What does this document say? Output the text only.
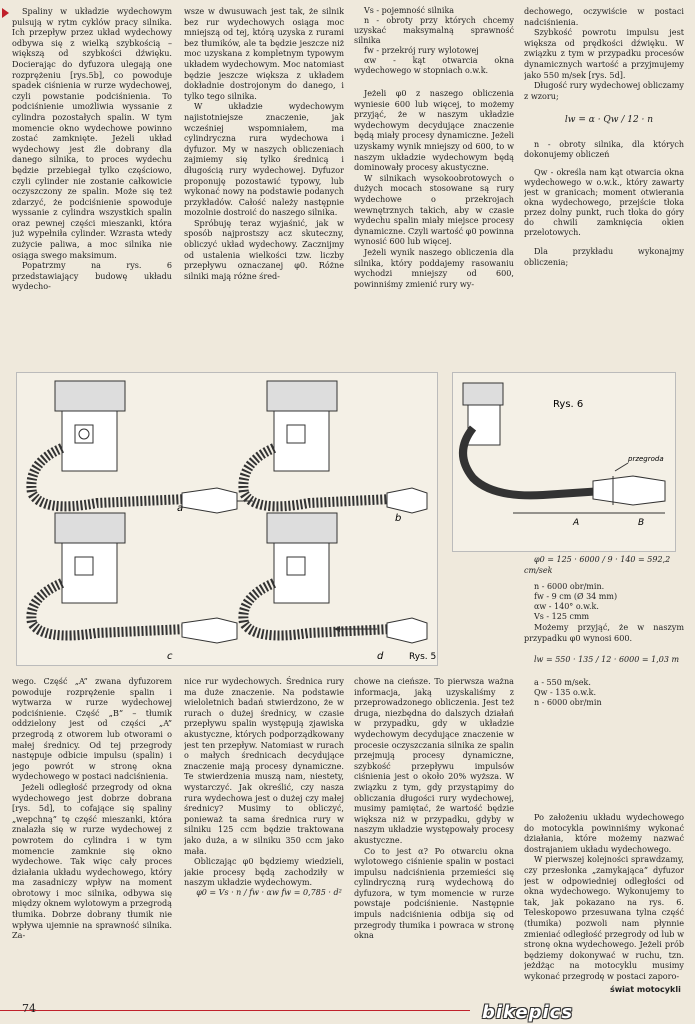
Spaliny w układzie wydechowym pulsują w rytm cyklów pracy silnika. Ich przepływ przez układ wydechowy odbywa się z wielką szybkością – większą od szybkości dźwięku. Docierając do dyfuzora ulegają one rozprężeniu [rys.5b], co powoduje spadek ciśnienia w rurze wydechowej, czyli powstanie podciśnienia. To podciśnienie umożliwia wyssanie z cylindra pozostałych spalin. W tym momencie okno wydechowe powinno zostać zamknięte. Jeżeli układ wydechowy jest źle dobrany dla danego silnika, to proces wydechu będzie przebiegał tylko częściowo, czyli cylinder nie zostanie całkowicie oczyszczony ze spalin. Może się też zdarzyć, że podciśnienie spowoduje wyssanie z cylindra wszystkich spalin oraz pewnej części mieszanki, która już wypełniła cylinder. Wzrasta wtedy zużycie paliwa, a moc silnika nie osiąga swego maksimum.

Popatrzmy na rys. 6 przedstawiający budowę układu wydecho-

wsze w dwusuwach jest tak, że silnik bez rur wydechowych osiąga moc mniejszą od tej, którą uzyska z rurami bez tłumików, ale ta będzie jeszcze niż moc uzyskana z kompletnym typowym układem wydechowym. Moc natomiast będzie jeszcze większa z układem dokładnie dostrojonym do danego, i tylko tego silnika.

W układzie wydechowym najistotniejsze znaczenie, jak wcześniej wspomniałem, ma cylindryczna rura wydechowa i dyfuzor. My w naszych obliczeniach zajmiemy się tylko średnicą i długością rury wydechowej. Dyfuzor proponuję pozostawić typowy, lub wykonać nowy na podstawie podanych przykładów. Całość należy następnie mozolnie dostroić do naszego silnika.

Spróbuję teraz wyjaśnić, jak w sposób najprostszy acz skuteczny, obliczyć układ wydechowy. Zacznijmy od ustalenia wielkości tzw. liczby przepływu oznaczanej φ0. Różne silniki mają różne śred-

Vs - pojemność silnika

n - obroty przy których chcemy uzyskać maksymalną sprawność silnika

fw - przekrój rury wylotowej

αw - kąt otwarcia okna wydechowego w stopniach o.w.k.

Jeżeli φ0 z naszego obliczenia wyniesie 600 lub więcej, to możemy przyjąć, że w naszym układzie wydechowym decydujące znaczenie będą miały procesy dynamiczne. Jeżeli uzyskamy wynik mniejszy od 600, to w naszym układzie wydechowym będą dominowały procesy akustyczne.

W silnikach wysokoobrotowych o dużych mocach stosowane są rury wydechowe o przekrojach wewnętrznych takich, aby w czasie wydechu spalin miały miejsce procesy dynamiczne. Czyli wartość φ0 powinna wynosić 600 lub więcej.

Jeżeli wynik naszego obliczenia dla silnika, który poddajemy rasowaniu wychodzi mniejszy od 600, powinniśmy zmienić rury wy-

dechowego, oczywiście w postaci nadciśnienia.

Szybkość powrotu impulsu jest większa od prędkości dźwięku. W związku z tym w przypadku procesów dynamicznych wartość a przyjmujemy jako 550 m/sek [rys. 5d].

Długość rury wydechowej obliczamy z wzoru;

lw = α · Qw / 12 · n

n - obroty silnika, dla których dokonujemy obliczeń

Qw - określa nam kąt otwarcia okna wydechowego w o.w.k., który zawarty jest w granicach; moment otwierania okna wydechowego, przejście tłoka przez dolny punkt, ruch tłoka do góry do chwili zamknięcia okien przelotowych.

Dla przykładu wykonajmy obliczenia;

a
b
c	d	Rys. 5
Rys. 6
przegroda
A	B

φ0 = 125 · 6000 / 9 · 140 = 592,2 cm/sek

n - 6000 obr/min.

fw - 9 cm (Ø 34 mm)

αw - 140° o.w.k.

Vs - 125 cmm

Możemy przyjąć, że w naszym przypadku φ0 wynosi 600.

lw = 550 · 135 / 12 · 6000 = 1,03 m

a - 550 m/sek.

Qw - 135 o.w.k.

n - 6000 obr/min

wego. Część „A” zwana dyfuzorem powoduje rozprężenie spalin i wytwarza w rurze wydechowej podciśnienie. Część „B” – tłumik oddzielony jest od części „A” przegrodą z otworem lub otworami o małej średnicy. Od tej przegrody następuje odbicie impulsu (spalin) i jego powrót w stronę okna wydechowego w postaci nadciśnienia.

Jeżeli odległość przegrody od okna wydechowego jest dobrze dobrana [rys. 5d], to cofające się spaliny „wepchną” tę część mieszanki, która znalazła się w rurze wydechowej z powrotem do cylindra i w tym momencie zamknie się okno wydechowe. Tak więc cały proces działania układu wydechowego, który ma zasadniczy wpływ na moment obrotowy i moc silnika, odbywa się między oknem wylotowym a przegrodą tłumika. Dobrze dobrany tłumik nie wpływa ujemnie na sprawność silnika. Za-

nice rur wydechowych. Średnica rury ma duże znaczenie. Na podstawie wieloletnich badań stwierdzono, że w rurach o dużej średnicy, w czasie przepływu spalin występują zjawiska akustyczne, których podporządkowany jest ten przepływ. Natomiast w rurach o małych średnicach decydujące znaczenie mają procesy dynamiczne. Te stwierdzenia muszą nam, niestety, wystarczyć. Jak określić, czy nasza rura wydechowa jest o dużej czy małej średnicy? Musimy to obliczyć, ponieważ ta sama średnica rury w silniku 125 ccm będzie traktowana jako duża, a w silniku 350 ccm jako mała.

Obliczając φ0 będziemy wiedzieli, jakie procesy będą zachodziły w naszym układzie wydechowym.

φ0 = Vs · n / fw · αw fw = 0,785 · d²

chowe na cieńsze. To pierwsza ważna informacja, jaką uzyskaliśmy z przeprowadzonego obliczenia. Jest też druga, niezbędna do dalszych działań w przypadku, gdy w układzie wydechowym decydujące znaczenie w procesie oczyszczania silnika ze spalin przejmują procesy dynamiczne, szybkość przepływu impulsów ciśnienia jest o około 20% wyższa. W związku z tym, gdy przystąpimy do obliczania długości rury wydechowej, musimy pamiętać, że wartość będzie większa niż w przypadku, gdyby w naszym układzie występowały procesy akustyczne.

Co to jest α? Po otwarciu okna wylotowego ciśnienie spalin w postaci impulsu nadciśnienia przemieści się cylindryczną rurą wydechową do dyfuzora, w tym momencie w rurze powstaje podciśnienie. Następnie impuls nadciśnienia odbija się od przegrody tłumika i powraca w stronę okna

Po założeniu układu wydechowego do motocykla powinniśmy wykonać działania, które możemy nazwać dostrajaniem układu wydechowego.

W pierwszej kolejności sprawdzamy, czy przesłonka „zamykająca” dyfuzor jest w odpowiedniej odległości od okna wydechowego. Wykonujemy to tak, jak pokazano na rys. 6. Teleskopowo przesuwana tylna część (tłumika) pozwoli nam płynnie zmieniać odległość przegrody od lub w stronę okna wydechowego. Jeżeli prób będziemy dokonywać w ruchu, tzn. jeżdżąc na motocyklu musimy wykonać przegrodę w postaci zaporo-

74	bikepics
świat motocykli
